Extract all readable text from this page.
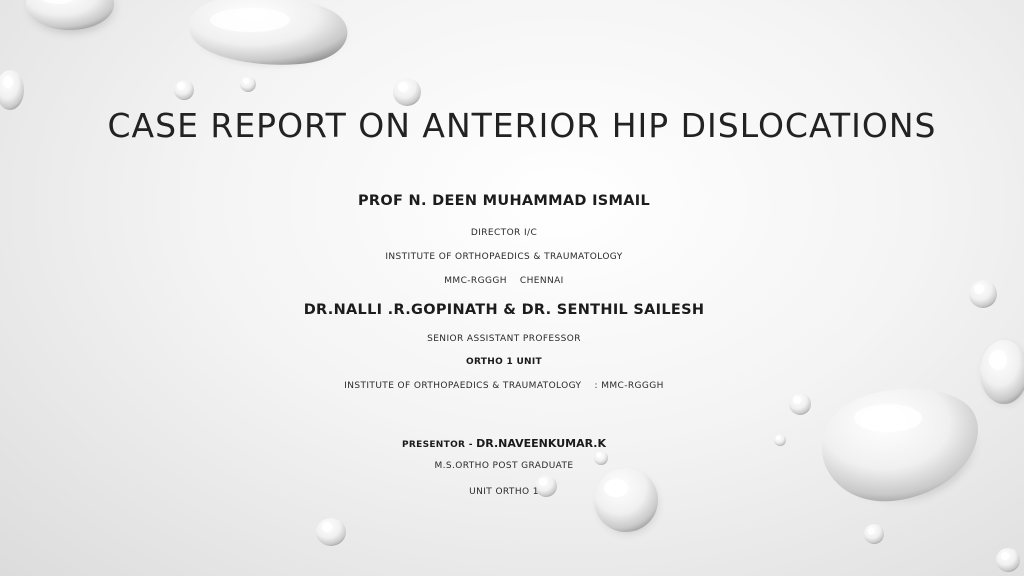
CASE REPORT ON ANTERIOR HIP DISLOCATIONS

PROF N. DEEN MUHAMMAD ISMAIL

DIRECTOR I/C

INSTITUTE OF ORTHOPAEDICS & TRAUMATOLOGY

MMC-RGGGH    CHENNAI

DR.NALLI .R.GOPINATH & DR. SENTHIL SAILESH

SENIOR ASSISTANT PROFESSOR

ORTHO 1 UNIT

INSTITUTE OF ORTHOPAEDICS & TRAUMATOLOGY    : MMC-RGGGH

PRESENTOR - DR.NAVEENKUMAR.K

M.S.ORTHO POST GRADUATE

UNIT ORTHO 1
